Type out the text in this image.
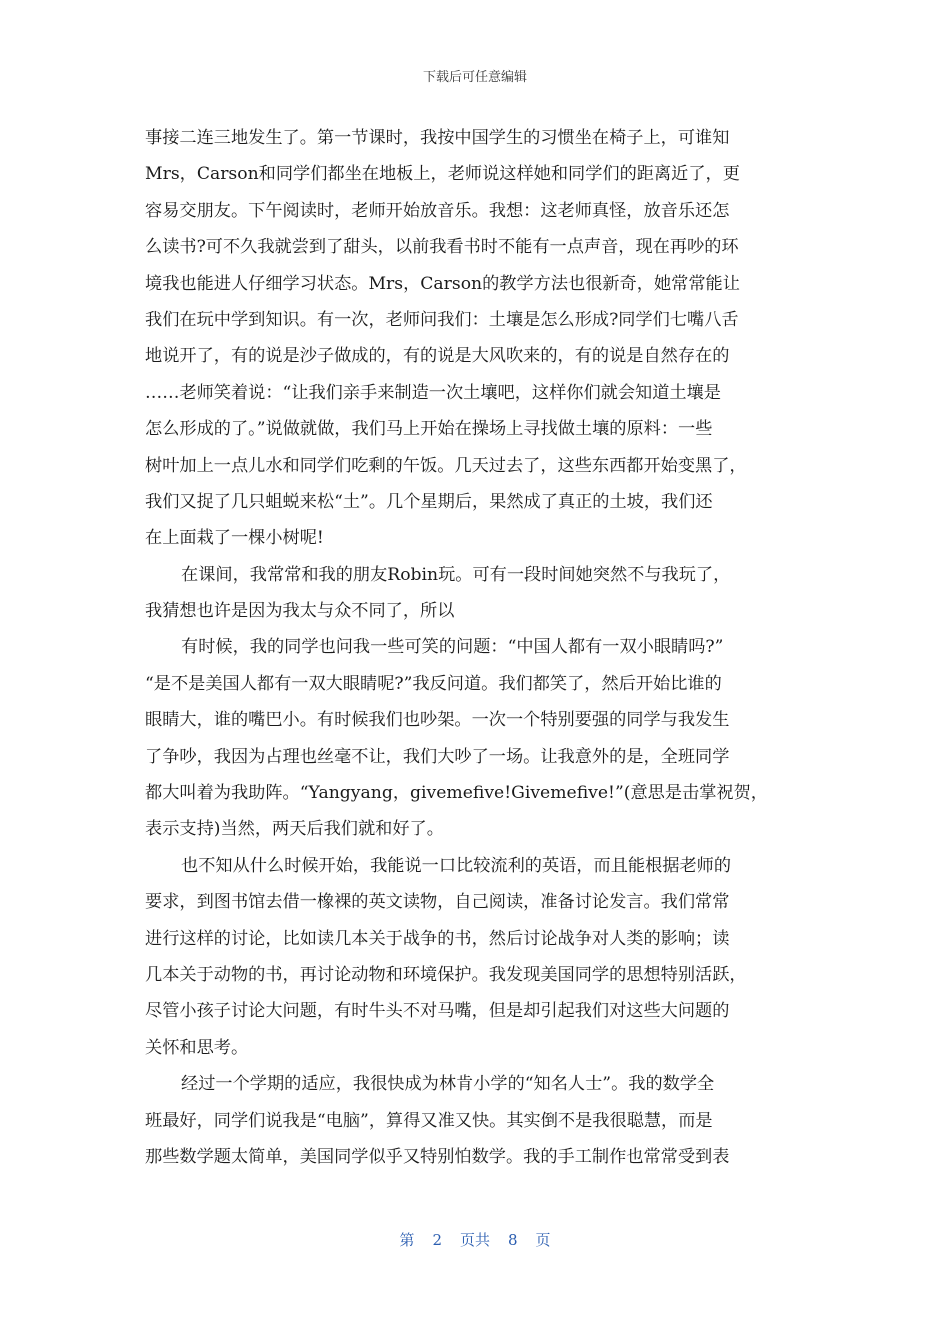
下载后可任意编辑
事接二连三地发生了。第一节课时，我按中国学生的习惯坐在椅子上，可谁知
Mrs，Carson和同学们都坐在地板上，老师说这样她和同学们的距离近了，更
容易交朋友。下午阅读时，老师开始放音乐。我想：这老师真怪，放音乐还怎
么读书?可不久我就尝到了甜头，以前我看书时不能有一点声音，现在再吵的环
境我也能进人仔细学习状态。Mrs，Carson的教学方法也很新奇，她常常能让
我们在玩中学到知识。有一次，老师问我们：土壤是怎么形成?同学们七嘴八舌
地说开了，有的说是沙子做成的，有的说是大风吹来的，有的说是自然存在的
……老师笑着说：“让我们亲手来制造一次土壤吧，这样你们就会知道土壤是
怎么形成的了。”说做就做，我们马上开始在操场上寻找做土壤的原料：一些
树叶加上一点儿水和同学们吃剩的午饭。几天过去了，这些东西都开始变黑了，
我们又捉了几只蛆蜕来松“土”。几个星期后，果然成了真正的土坡，我们还
在上面栽了一棵小树呢!
在课间，我常常和我的朋友Robin玩。可有一段时间她突然不与我玩了，
我猜想也许是因为我太与众不同了，所以
有时候，我的同学也问我一些可笑的问题：“中国人都有一双小眼睛吗?”
“是不是美国人都有一双大眼睛呢?”我反问道。我们都笑了，然后开始比谁的
眼睛大，谁的嘴巴小。有时候我们也吵架。一次一个特别要强的同学与我发生
了争吵，我因为占理也丝毫不让，我们大吵了一场。让我意外的是，全班同学
都大叫着为我助阵。“Yangyang，givemefive!Givemefive!”(意思是击掌祝贺，
表示支持)当然，两天后我们就和好了。
也不知从什么时候开始，我能说一口比较流利的英语，而且能根据老师的
要求，到图书馆去借一橡裸的英文读物，自己阅读，准备讨论发言。我们常常
进行这样的讨论，比如读几本关于战争的书，然后讨论战争对人类的影响；读
几本关于动物的书，再讨论动物和环境保护。我发现美国同学的思想特别活跃，
尽管小孩子讨论大问题，有时牛头不对马嘴，但是却引起我们对这些大问题的
关怀和思考。
经过一个学期的适应，我很快成为林肯小学的“知名人士”。我的数学全
班最好，同学们说我是“电脑”，算得又准又快。其实倒不是我很聪慧，而是
那些数学题太简单，美国同学似乎又特别怕数学。我的手工制作也常常受到表
第 2 页共 8 页
